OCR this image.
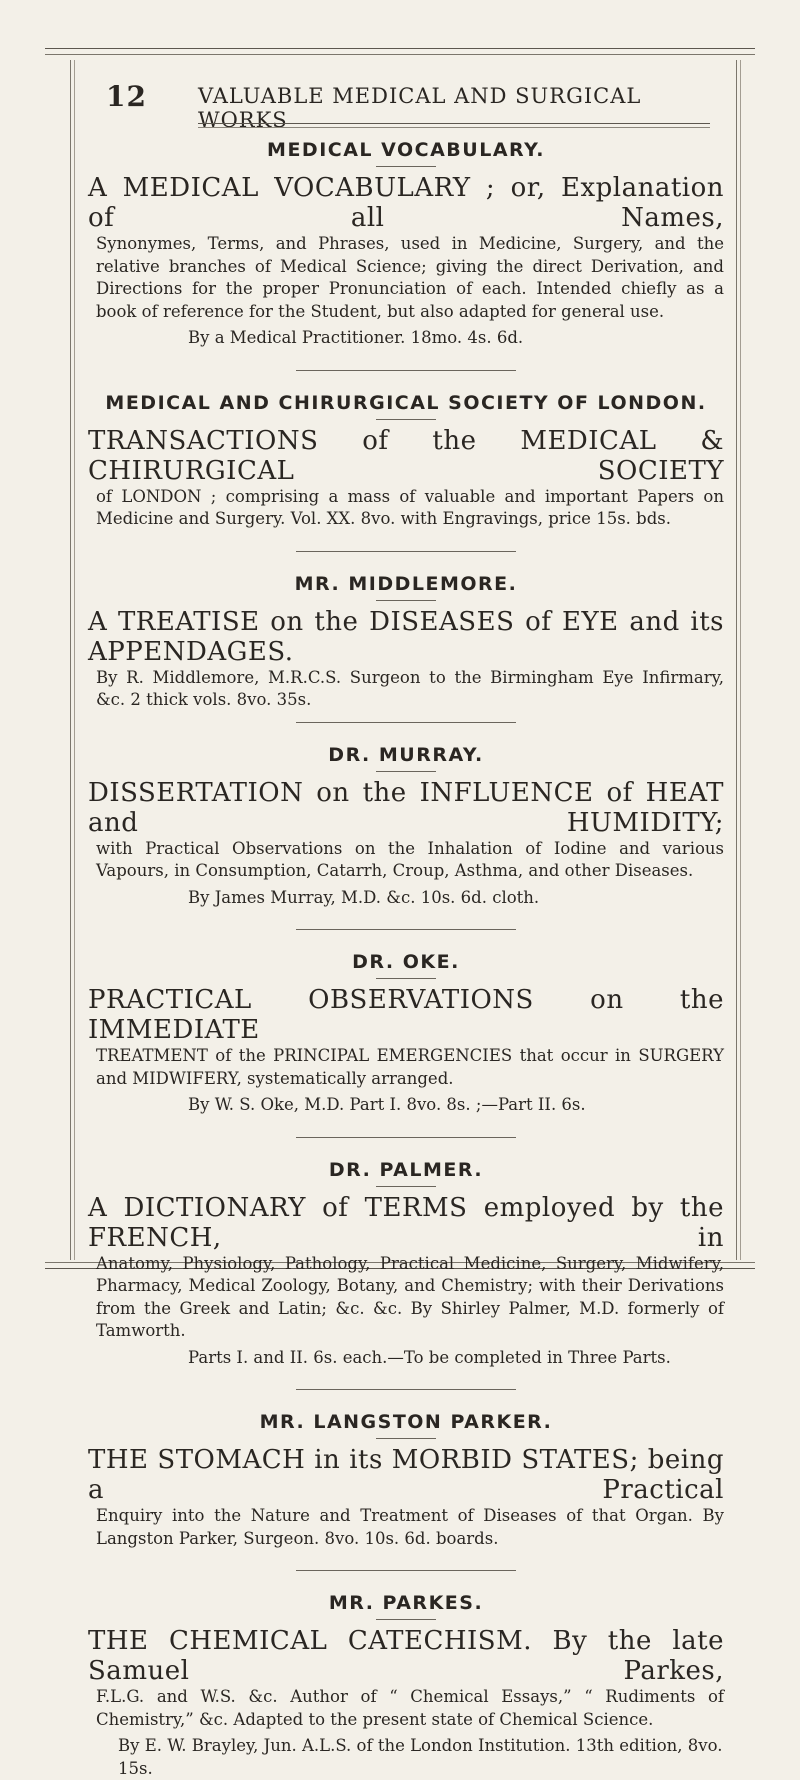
12 VALUABLE MEDICAL AND SURGICAL WORKS
MEDICAL VOCABULARY.

A MEDICAL VOCABULARY ; or, Explanation of all Names,

Synonymes, Terms, and Phrases, used in Medicine, Surgery, and the relative branches of Medical Science; giving the direct Derivation, and Directions for the proper Pronunciation of each. Intended chiefly as a book of reference for the Student, but also adapted for general use.

By a Medical Practitioner. 18mo. 4s. 6d.

MEDICAL AND CHIRURGICAL SOCIETY OF LONDON.

TRANSACTIONS of the MEDICAL & CHIRURGICAL SOCIETY

of LONDON ; comprising a mass of valuable and important Papers on Medicine and Surgery. Vol. XX. 8vo. with Engravings, price 15s. bds.

MR. MIDDLEMORE.

A TREATISE on the DISEASES of EYE and its APPENDAGES.

By R. Middlemore, M.R.C.S. Surgeon to the Birmingham Eye Infirmary, &c. 2 thick vols. 8vo. 35s.

DR. MURRAY.

DISSERTATION on the INFLUENCE of HEAT and HUMIDITY;

with Practical Observations on the Inhalation of Iodine and various Vapours, in Consumption, Catarrh, Croup, Asthma, and other Diseases.

By James Murray, M.D. &c. 10s. 6d. cloth.

DR. OKE.

PRACTICAL OBSERVATIONS on the IMMEDIATE

TREATMENT of the PRINCIPAL EMERGENCIES that occur in SURGERY and MIDWIFERY, systematically arranged.

By W. S. Oke, M.D. Part I. 8vo. 8s. ;—Part II. 6s.

DR. PALMER.

A DICTIONARY of TERMS employed by the FRENCH, in

Anatomy, Physiology, Pathology, Practical Medicine, Surgery, Midwifery, Pharmacy, Medical Zoology, Botany, and Chemistry; with their Derivations from the Greek and Latin; &c. &c. By Shirley Palmer, M.D. formerly of Tamworth.

Parts I. and II. 6s. each.—To be completed in Three Parts.

MR. LANGSTON PARKER.

THE STOMACH in its MORBID STATES; being a Practical

Enquiry into the Nature and Treatment of Diseases of that Organ. By Langston Parker, Surgeon. 8vo. 10s. 6d. boards.

MR. PARKES.

THE CHEMICAL CATECHISM. By the late Samuel Parkes,

F.L.G. and W.S. &c. Author of “ Chemical Essays,” “ Rudiments of Chemistry,” &c. Adapted to the present state of Chemical Science.

By E. W. Brayley, Jun. A.L.S. of the London Institution. 13th edition, 8vo. 15s.
